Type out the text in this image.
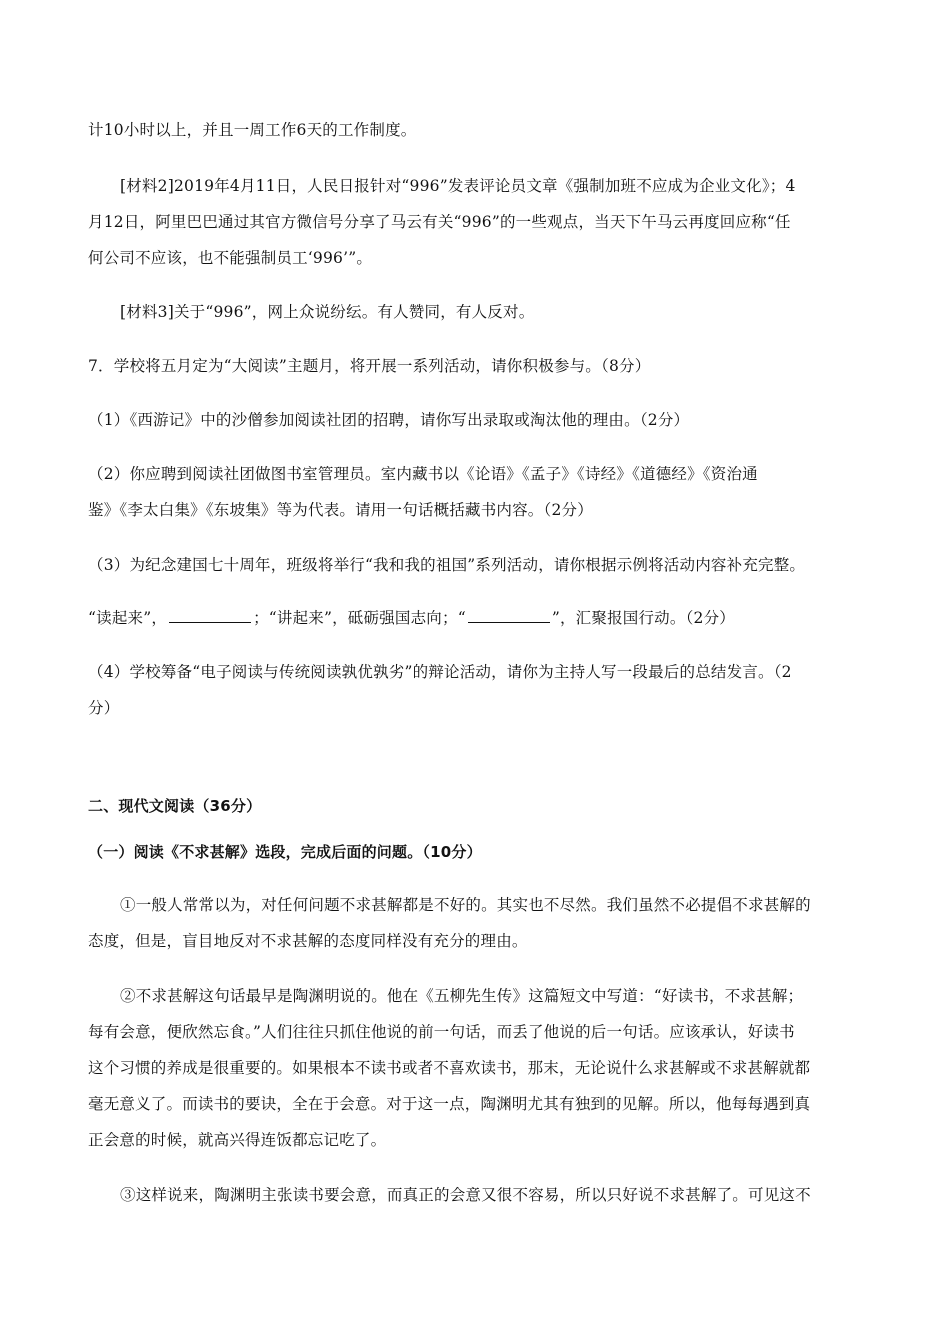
计10小时以上，并且一周工作6天的工作制度。
[材料2]2019年4月11日，人民日报针对“996”发表评论员文章《强制加班不应成为企业文化》；4
月12日，阿里巴巴通过其官方微信号分享了马云有关“996”的一些观点，当天下午马云再度回应称“任
何公司不应该，也不能强制员工‘996’”。
[材料3]关于“996”，网上众说纷纭。有人赞同，有人反对。
7．学校将五月定为“大阅读”主题月，将开展一系列活动，请你积极参与。（8分）
（1）《西游记》中的沙僧参加阅读社团的招聘，请你写出录取或淘汰他的理由。（2分）
（2）你应聘到阅读社团做图书室管理员。室内藏书以《论语》《孟子》《诗经》《道德经》《资治通
鉴》《李太白集》《东坡集》等为代表。请用一句话概括藏书内容。（2分）
（3）为纪念建国七十周年，班级将举行“我和我的祖国”系列活动，请你根据示例将活动内容补充完整。
“读起来”，	；“讲起来”，砥砺强国志向；“	”，汇聚报国行动。（2分）
（4）学校筹备“电子阅读与传统阅读孰优孰劣”的辩论活动，请你为主持人写一段最后的总结发言。（2
分）
二、现代文阅读（36分）
（一）阅读《不求甚解》选段，完成后面的问题。（10分）
①一般人常常以为，对任何问题不求甚解都是不好的。其实也不尽然。我们虽然不必提倡不求甚解的
态度，但是，盲目地反对不求甚解的态度同样没有充分的理由。
②不求甚解这句话最早是陶渊明说的。他在《五柳先生传》这篇短文中写道：“好读书，不求甚解；
每有会意，便欣然忘食。”人们往往只抓住他说的前一句话，而丢了他说的后一句话。应该承认，好读书
这个习惯的养成是很重要的。如果根本不读书或者不喜欢读书，那末，无论说什么求甚解或不求甚解就都
毫无意义了。而读书的要诀，全在于会意。对于这一点，陶渊明尤其有独到的见解。所以，他每每遇到真
正会意的时候，就高兴得连饭都忘记吃了。
③这样说来，陶渊明主张读书要会意，而真正的会意又很不容易，所以只好说不求甚解了。可见这不
